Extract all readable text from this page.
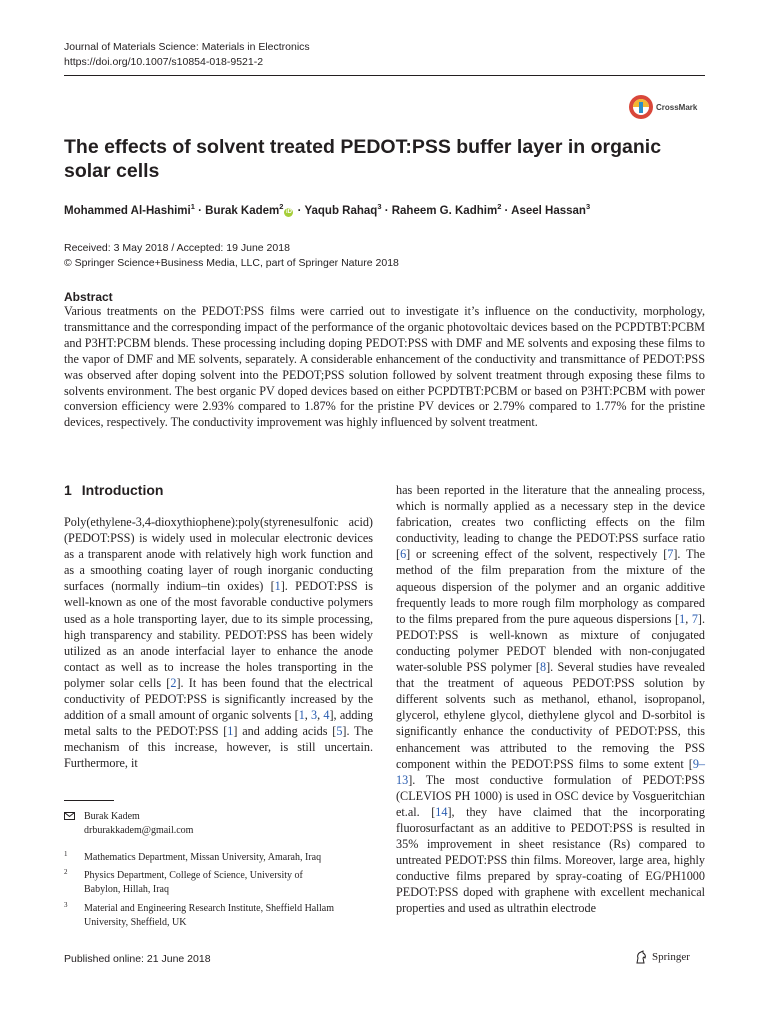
Journal of Materials Science: Materials in Electronics
https://doi.org/10.1007/s10854-018-9521-2
CrossMark
The effects of solvent treated PEDOT:PSS buffer layer in organic solar cells
Mohammed Al-Hashimi$^1$ · Burak Kadem$^2$iD · Yaqub Rahaq$^3$ · Raheem G. Kadhim$^2$ · Aseel Hassan$^3$
Received: 3 May 2018 / Accepted: 19 June 2018
© Springer Science+Business Media, LLC, part of Springer Nature 2018
Abstract

Various treatments on the PEDOT:PSS films were carried out to investigate it’s influence on the conductivity, morphology, transmittance and the corresponding impact of the performance of the organic photovoltaic devices based on the PCPDTBT:PCBM and P3HT:PCBM blends. These processing including doping PEDOT:PSS with DMF and ME solvents and exposing these films to the vapor of DMF and ME solvents, separately. A considerable enhancement of the conductivity and transmittance of PEDOT:PSS was observed after doping solvent into the PEDOT;PSS solution followed by solvent treatment through exposing these films to solvents environment. The best organic PV doped devices based on either PCPDTBT:PCBM or based on P3HT:PCBM with power conversion efficiency were 2.93% compared to 1.87% for the pristine PV devices or 2.79% compared to 1.77% for the pristine devices, respectively. The conductivity improvement was highly influenced by solvent treatment.

1 Introduction

Poly(ethylene-3,4-dioxythiophene):poly(styrenesulfonic acid) (PEDOT:PSS) is widely used in molecular electronic devices as a transparent anode with relatively high work function and as a smoothing coating layer of rough inorganic conducting surfaces (normally indium–tin oxides) [1]. PEDOT:PSS is well-known as one of the most favorable conductive polymers used as a hole transporting layer, due to its simple processing, high transparency and stability. PEDOT:PSS has been widely utilized as an anode interfacial layer to enhance the anode contact as well as to increase the holes transporting in the polymer solar cells [2]. It has been found that the electrical conductivity of PEDOT:PSS is significantly increased by the addition of a small amount of organic solvents [1, 3, 4], adding metal salts to the PEDOT:PSS [1] and adding acids [5]. The mechanism of this increase, however, is still uncertain. Furthermore, it

has been reported in the literature that the annealing process, which is normally applied as a necessary step in the device fabrication, creates two conflicting effects on the film conductivity, leading to change the PEDOT:PSS surface ratio [6] or screening effect of the solvent, respectively [7]. The method of the film preparation from the mixture of the aqueous dispersion of the polymer and an organic additive frequently leads to more rough film morphology as compared to the films prepared from the pure aqueous dispersions [1, 7]. PEDOT:PSS is well-known as mixture of conjugated conducting polymer PEDOT blended with non-conjugated water-soluble PSS polymer [8]. Several studies have revealed that the treatment of aqueous PEDOT:PSS solution by different solvents such as methanol, ethanol, isopropanol, glycerol, ethylene glycol, diethylene glycol and D-sorbitol is significantly enhance the conductivity of PEDOT:PSS, this enhancement was attributed to the removing the PSS component within the PEDOT:PSS films to some extent [9–13]. The most conductive formulation of PEDOT:PSS (CLEVIOS PH 1000) is used in OSC device by Vosgueritchian et.al. [14], they have claimed that the incorporating fluorosurfactant as an additive to PEDOT:PSS is resulted in 35% improvement in sheet resistance (Rs) compared to untreated PEDOT:PSS thin films. Moreover, large area, highly conductive films prepared by spray-coating of EG/PH1000 PEDOT:PSS doped with graphene with excellent mechanical properties and used as ultrathin electrode

Burak Kadem
drburakkadem@gmail.com
1 Mathematics Department, Missan University, Amarah, Iraq
2 Physics Department, College of Science, University of Babylon, Hillah, Iraq
3 Material and Engineering Research Institute, Sheffield Hallam University, Sheffield, UK
Published online: 21 June 2018	Springer
